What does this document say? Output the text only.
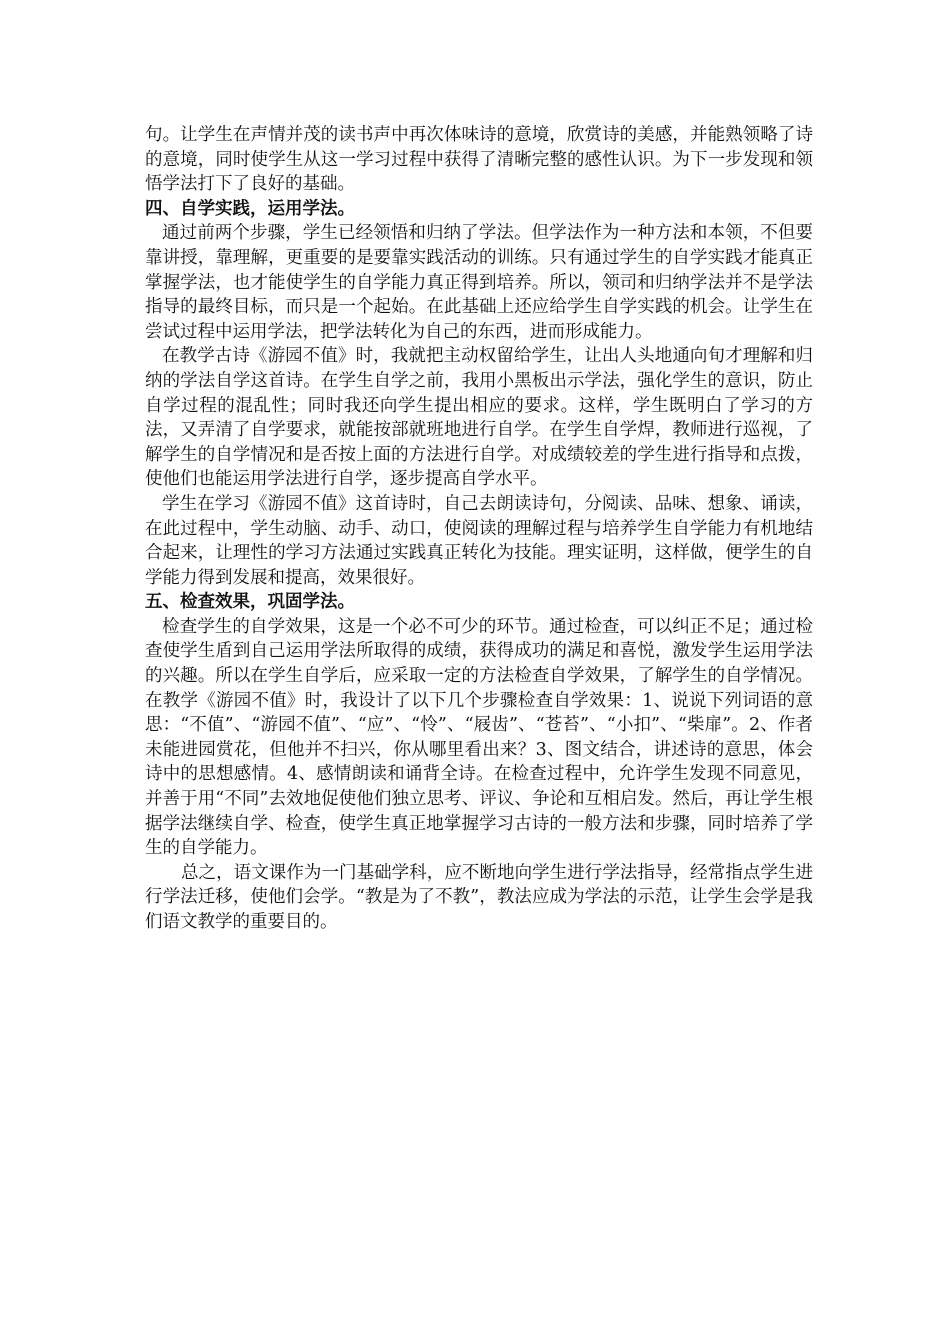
句。让学生在声情并茂的读书声中再次体味诗的意境，欣赏诗的美感，并能熟领略了诗的意境，同时使学生从这一学习过程中获得了清晰完整的感性认识。为下一步发现和领悟学法打下了良好的基础。

四、自学实践，运用学法。

通过前两个步骤，学生已经领悟和归纳了学法。但学法作为一种方法和本领，不但要靠讲授，靠理解，更重要的是要靠实践活动的训练。只有通过学生的自学实践才能真正掌握学法，也才能使学生的自学能力真正得到培养。所以，领司和归纳学法并不是学法指导的最终目标，而只是一个起始。在此基础上还应给学生自学实践的机会。让学生在尝试过程中运用学法，把学法转化为自己的东西，进而形成能力。

在教学古诗《游园不值》时，我就把主动权留给学生，让出人头地通向旬才理解和归纳的学法自学这首诗。在学生自学之前，我用小黑板出示学法，强化学生的意识，防止自学过程的混乱性；同时我还向学生提出相应的要求。这样，学生既明白了学习的方法，又弄清了自学要求，就能按部就班地进行自学。在学生自学焊，教师进行巡视，了解学生的自学情况和是否按上面的方法进行自学。对成绩较差的学生进行指导和点拨，使他们也能运用学法进行自学，逐步提高自学水平。

学生在学习《游园不值》这首诗时，自己去朗读诗句，分阅读、品味、想象、诵读，在此过程中，学生动脑、动手、动口，使阅读的理解过程与培养学生自学能力有机地结合起来，让理性的学习方法通过实践真正转化为技能。理实证明，这样做，便学生的自学能力得到发展和提高，效果很好。

五、检查效果，巩固学法。

检查学生的自学效果，这是一个必不可少的环节。通过检查，可以纠正不足；通过检查使学生盾到自己运用学法所取得的成绩，获得成功的满足和喜悦，激发学生运用学法的兴趣。所以在学生自学后，应采取一定的方法检查自学效果，了解学生的自学情况。在教学《游园不值》时，我设计了以下几个步骤检查自学效果：1、说说下列词语的意思：“不值”、“游园不值”、“应”、“怜”、“屐齿”、“苍苔”、“小扣”、“柴扉”。2、作者未能进园赏花，但他并不扫兴，你从哪里看出来？3、图文结合，讲述诗的意思，体会诗中的思想感情。4、感情朗读和诵背全诗。在检查过程中，允许学生发现不同意见，并善于用“不同”去效地促使他们独立思考、评议、争论和互相启发。然后，再让学生根据学法继续自学、检查，使学生真正地掌握学习古诗的一般方法和步骤，同时培养了学生的自学能力。

总之，语文课作为一门基础学科，应不断地向学生进行学法指导，经常指点学生进行学法迁移，使他们会学。“教是为了不教”，教法应成为学法的示范，让学生会学是我们语文教学的重要目的。
